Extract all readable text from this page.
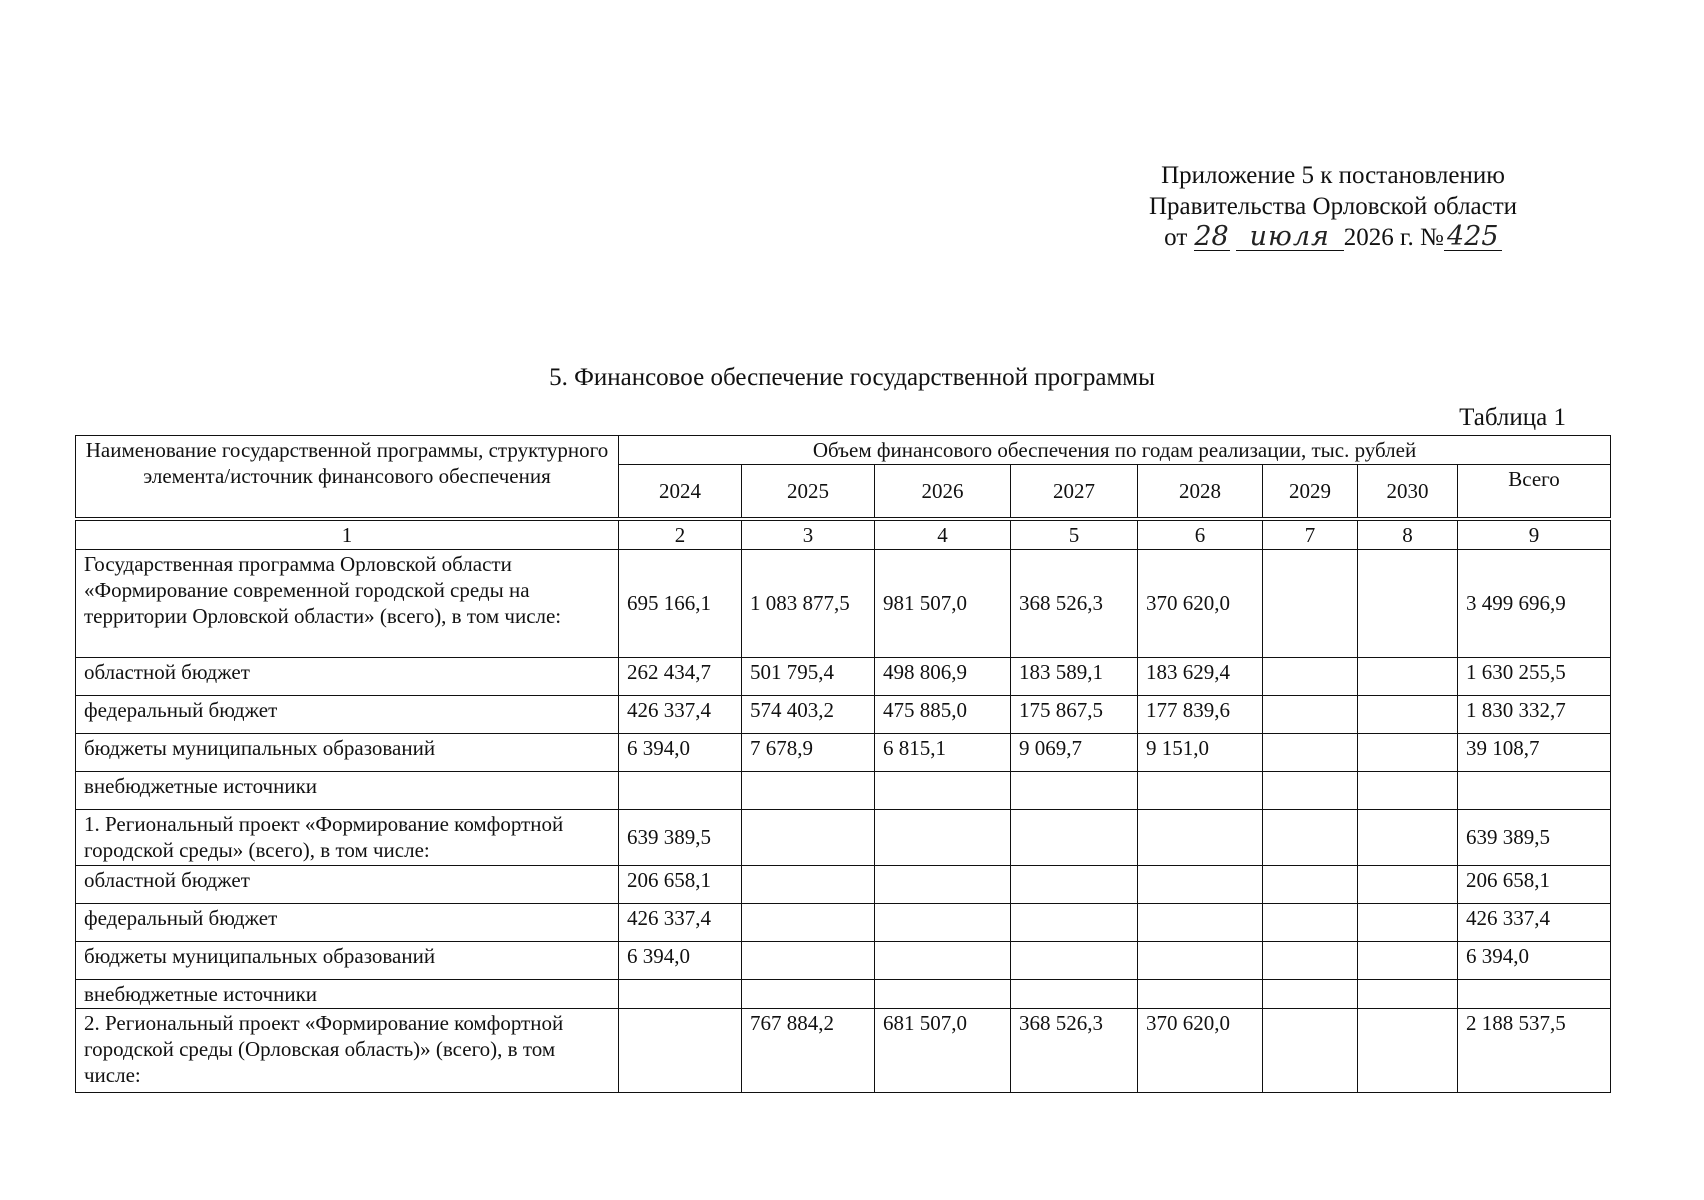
Приложение 5 к постановлению
Правительства Орловской области
от 28 июля 2026 г. № 425
5. Финансовое обеспечение государственной программы
Таблица 1
Наименование государственной программы, структурного элемента/источник финансового обеспечения	Объем финансового обеспечения по годам реализации, тыс. рублей							
	2024	2025	2026	2027	2028	2029	2030	Всего
1	2	3	4	5	6	7	8	9
Государственная программа Орловской области «Формирование современной городской среды на территории Орловской области» (всего), в том числе:	695 166,1	1 083 877,5	981 507,0	368 526,3	370 620,0			3 499 696,9
областной бюджет	262 434,7	501 795,4	498 806,9	183 589,1	183 629,4			1 630 255,5
федеральный бюджет	426 337,4	574 403,2	475 885,0	175 867,5	177 839,6			1 830 332,7
бюджеты муниципальных образований	6 394,0	7 678,9	6 815,1	9 069,7	9 151,0			39 108,7
внебюджетные источники								
1. Региональный проект «Формирование комфортной городской среды» (всего), в том числе:	639 389,5							639 389,5
областной бюджет	206 658,1							206 658,1
федеральный бюджет	426 337,4							426 337,4
бюджеты муниципальных образований	6 394,0							6 394,0
внебюджетные источники								
2. Региональный проект «Формирование комфортной городской среды (Орловская область)» (всего), в том числе:		767 884,2	681 507,0	368 526,3	370 620,0			2 188 537,5
